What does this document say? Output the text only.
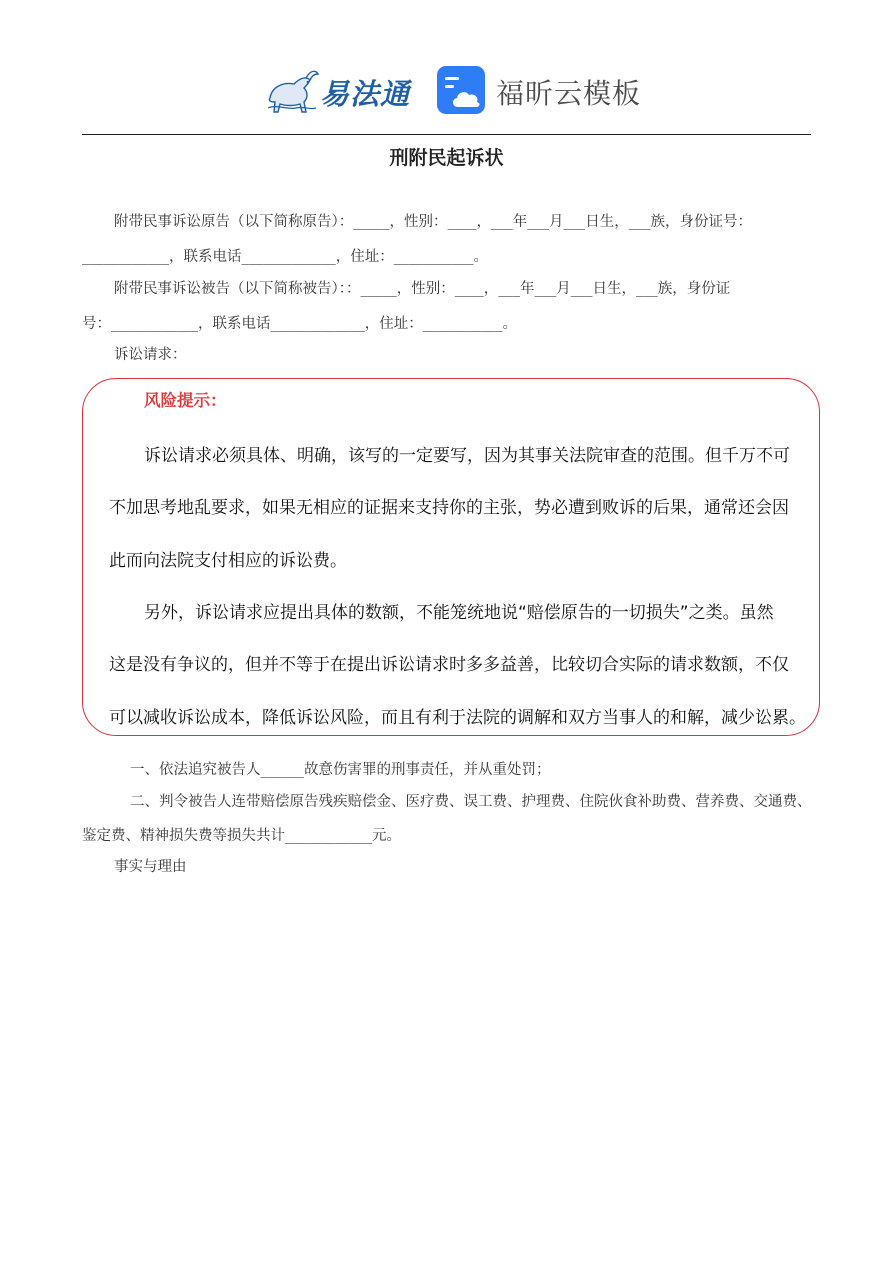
易法通	福昕云模板
刑附民起诉状
附带民事诉讼原告（以下简称原告）：_____，性别：____，___年___月___日生，___族，身份证号：
____________，联系电话_____________，住址：___________。
附带民事诉讼被告（以下简称被告）：：_____，性别：____，___年___月___日生，___族，身份证
号：____________，联系电话_____________，住址：___________。
诉讼请求：
风险提示：
诉讼请求必须具体、明确，该写的一定要写，因为其事关法院审查的范围。但千万不可
不加思考地乱要求，如果无相应的证据来支持你的主张，势必遭到败诉的后果，通常还会因
此而向法院支付相应的诉讼费。
另外，诉讼请求应提出具体的数额，不能笼统地说“赔偿原告的一切损失”之类。虽然
这是没有争议的，但并不等于在提出诉讼请求时多多益善，比较切合实际的请求数额，不仅
可以减收诉讼成本，降低诉讼风险，而且有利于法院的调解和双方当事人的和解，减少讼累。
一、依法追究被告人______故意伤害罪的刑事责任，并从重处罚；
二、判令被告人连带赔偿原告残疾赔偿金、医疗费、误工费、护理费、住院伙食补助费、营养费、交通费、
鉴定费、精神损失费等损失共计____________元。
事实与理由
